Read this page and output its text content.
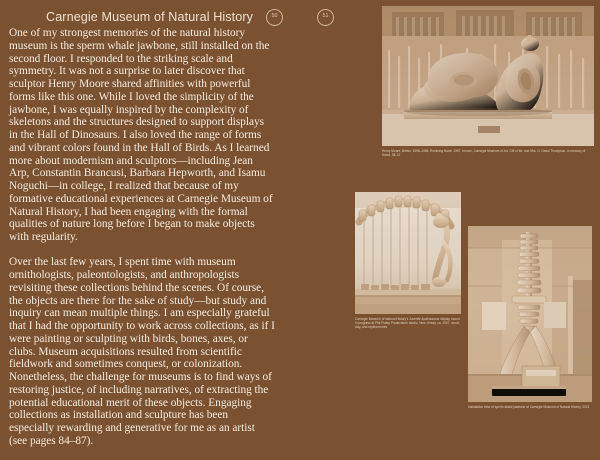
Carnegie Museum of Natural History	50	51

One of my strongest memories of the natural history museum is the sperm whale jawbone, still installed on the second floor. I responded to the striking scale and symmetry. It was not a surprise to later discover that sculptor Henry Moore shared affinities with powerful forms like this one. While I loved the simplicity of the jawbone, I was equally inspired by the complexity of skeletons and the structures designed to support displays in the Hall of Dinosaurs. I also loved the range of forms and vibrant colors found in the Hall of Birds. As I learned more about modernism and sculptors—including Jean Arp, Constantin Brancusi, Barbara Hepworth, and Isamu Noguchi—in college, I realized that because of my formative educational experiences at Carnegie Museum of Natural History, I had been engaging with the formal qualities of nature long before I began to make objects with regularity.

Over the last few years, I spent time with museum ornithologists, paleontologists, and anthropologists revisiting these collections behind the scenes. Of course, the objects are there for the sake of study—but study and inquiry can mean multiple things. I am especially grateful that I had the opportunity to work across collections, as if I were painting or sculpting with birds, bones, axes, or clubs. Museum acquisitions resulted from scientific fieldwork and sometimes conquest, or colonization. Nonetheless, the challenge for museums is to find ways of restoring justice, of including narratives, of extracting the potential educational merit of these objects. Engaging collections as installation and sculpture has been especially rewarding and generative for me as an artist (see pages 84–87).

Henry Moore, British, 1898–1986, Reclining Nude, 1957, bronze, Carnegie Museum of Art, Gift of Mr. and Mrs. G. David Thompson, in memory of David, 58.13
Carnegie Museum of Natural History's Juvenile Apatosaurus display mount in progress at Phil Fraley Productions' studio, New Jersey, ca. 2007, wood, clay, and replica bones
Installation view of sperm whale jawbone at Carnegie Museum of Natural History, 2021
